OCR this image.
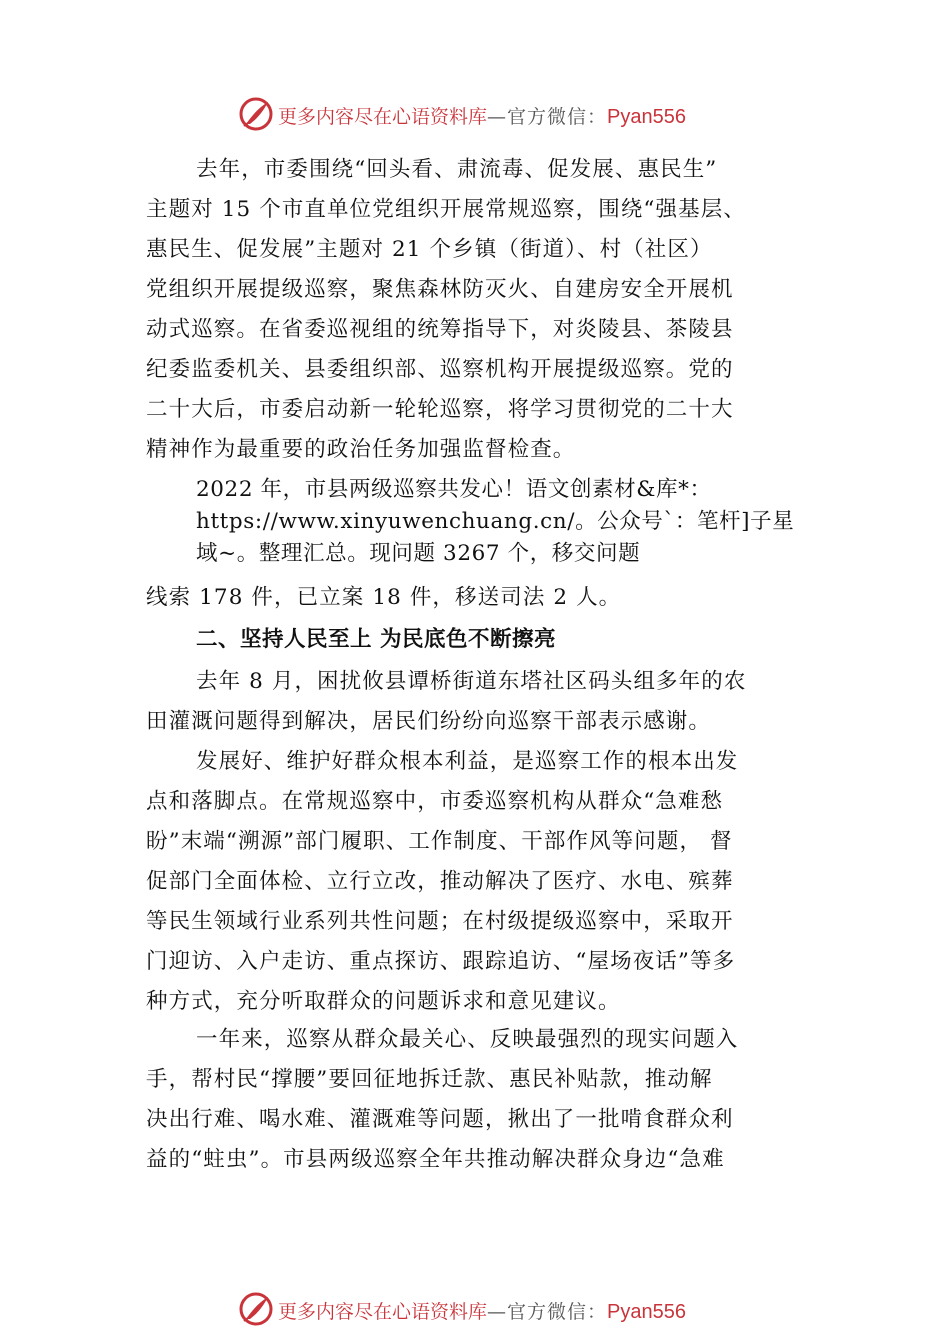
更多内容尽在心语资料库—官方微信：Pyan556
去年，市委围绕“回头看、肃流毒、促发展、惠民生”
主题对 15 个市直单位党组织开展常规巡察，围绕“强基层、
惠民生、促发展”主题对 21 个乡镇（街道）、村（社区）
党组织开展提级巡察，聚焦森林防灭火、自建房安全开展机
动式巡察。在省委巡视组的统筹指导下，对炎陵县、茶陵县
纪委监委机关、县委组织部、巡察机构开展提级巡察。党的
二十大后，市委启动新一轮轮巡察，将学习贯彻党的二十大
精神作为最重要的政治任务加强监督检查。
2022 年，市县两级巡察共发心！语文创素材&库*：
https://www.xinyuwenchuang.cn/。公众号`：笔杆]子星
域~。整理汇总。现问题 3267 个，移交问题
线索 178 件，已立案 18 件，移送司法 2 人。
二、坚持人民至上 为民底色不断擦亮
去年 8 月，困扰攸县谭桥街道东塔社区码头组多年的农
田灌溉问题得到解决，居民们纷纷向巡察干部表示感谢。
发展好、维护好群众根本利益，是巡察工作的根本出发
点和落脚点。在常规巡察中，市委巡察机构从群众“急难愁
盼”末端“溯源”部门履职、工作制度、干部作风等问题， 督
促部门全面体检、立行立改，推动解决了医疗、水电、殡葬
等民生领域行业系列共性问题；在村级提级巡察中，采取开
门迎访、入户走访、重点探访、跟踪追访、“屋场夜话”等多
种方式，充分听取群众的问题诉求和意见建议。
一年来，巡察从群众最关心、反映最强烈的现实问题入
手，帮村民“撑腰”要回征地拆迁款、惠民补贴款，推动解
决出行难、喝水难、灌溉难等问题，揪出了一批啃食群众利
益的“蛀虫”。市县两级巡察全年共推动解决群众身边“急难
更多内容尽在心语资料库—官方微信：Pyan556
